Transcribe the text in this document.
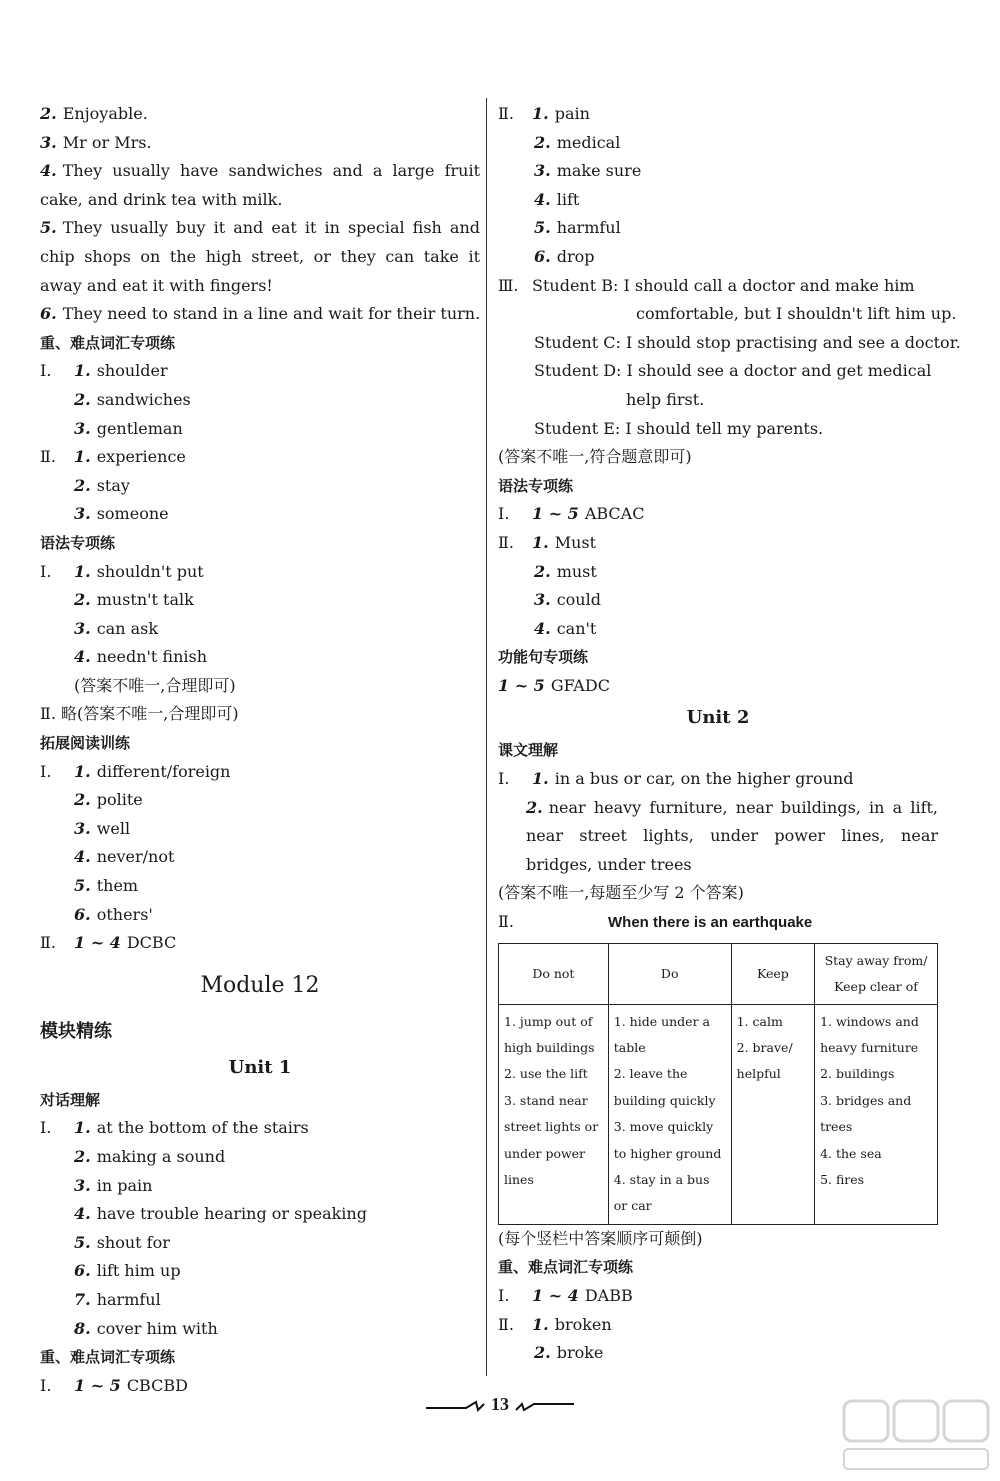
2. Enjoyable.
3. Mr or Mrs.
4. They usually have sandwiches and a large fruit cake, and drink tea with milk.
5. They usually buy it and eat it in special fish and chip shops on the high street, or they can take it away and eat it with fingers!
6. They need to stand in a line and wait for their turn.
重、难点词汇专项练
Ⅰ. 1. shoulder
2. sandwiches
3. gentleman
Ⅱ. 1. experience
2. stay
3. someone
语法专项练
Ⅰ. 1. shouldn't put
2. mustn't talk
3. can ask
4. needn't finish
(答案不唯一,合理即可)
Ⅱ. 略(答案不唯一,合理即可)
拓展阅读训练
Ⅰ. 1. different/foreign
2. polite
3. well
4. never/not
5. them
6. others'
Ⅱ. 1 ~ 4 DCBC
Module 12
模块精练
Unit 1
对话理解
Ⅰ. 1. at the bottom of the stairs
2. making a sound
3. in pain
4. have trouble hearing or speaking
5. shout for
6. lift him up
7. harmful
8. cover him with
重、难点词汇专项练
Ⅰ. 1 ~ 5 CBCBD
Ⅱ. 1. pain
2. medical
3. make sure
4. lift
5. harmful
6. drop
Ⅲ. Student B: I should call a doctor and make him
comfortable, but I shouldn't lift him up.
Student C: I should stop practising and see a doctor.
Student D: I should see a doctor and get medical
help first.
Student E: I should tell my parents.
(答案不唯一,符合题意即可)
语法专项练
Ⅰ. 1 ~ 5 ABCAC
Ⅱ. 1. Must
2. must
3. could
4. can't
功能句专项练
1 ~ 5 GFADC
Unit 2
课文理解
Ⅰ. 1. in a bus or car, on the higher ground
2. near heavy furniture, near buildings, in a lift, near street lights, under power lines, near bridges, under trees
(答案不唯一,每题至少写 2 个答案)
Ⅱ.	When there is an earthquake
Do not	Do	Keep	Stay away from/ Keep clear of

1. jump out of high buildings
2. use the lift
3. stand near street lights or under power lines	1. hide under a table
2. leave the building quickly
3. move quickly to higher ground
4. stay in a bus or car	1. calm
2. brave/ helpful	1. windows and heavy furniture
2. buildings
3. bridges and trees
4. the sea
5. fires
(每个竖栏中答案顺序可颠倒)
重、难点词汇专项练
Ⅰ. 1 ~ 4 DABB
Ⅱ. 1. broken
2. broke
13
